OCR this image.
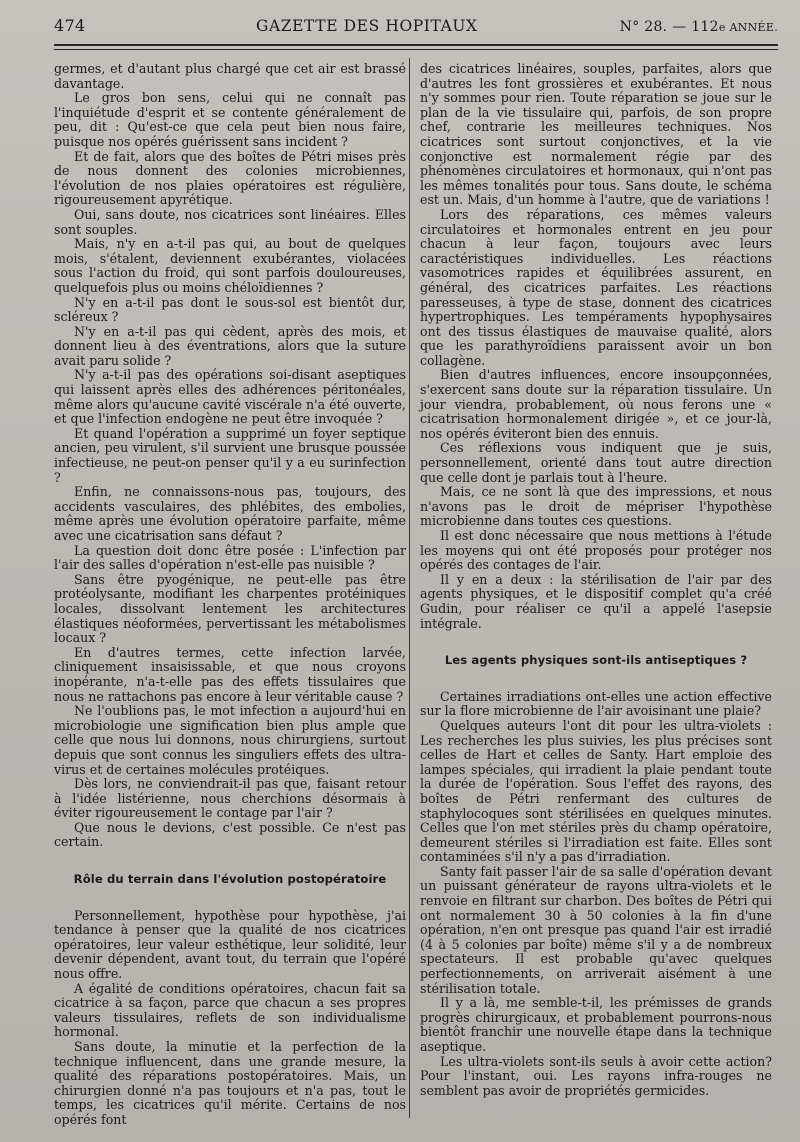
474	GAZETTE DES HOPITAUX	N° 28. — 112e ANNÉE.

germes, et d'autant plus chargé que cet air est brassé davantage.

Le gros bon sens, celui qui ne connaît pas l'inquiétude d'esprit et se contente généralement de peu, dit : Qu'est-ce que cela peut bien nous faire, puisque nos opérés guérissent sans incident ?

Et de fait, alors que des boîtes de Pétri mises près de nous donnent des colonies microbiennes, l'évolution de nos plaies opératoires est régulière, rigoureusement apyrétique.

Oui, sans doute, nos cicatrices sont linéaires. Elles sont souples.

Mais, n'y en a-t-il pas qui, au bout de quelques mois, s'étalent, deviennent exubérantes, violacées sous l'action du froid, qui sont parfois douloureuses, quelquefois plus ou moins chéloïdiennes ?

N'y en a-t-il pas dont le sous-sol est bientôt dur, scléreux ?

N'y en a-t-il pas qui cèdent, après des mois, et donnent lieu à des éventrations, alors que la suture avait paru solide ?

N'y a-t-il pas des opérations soi-disant aseptiques qui laissent après elles des adhérences péritonéales, même alors qu'aucune cavité viscérale n'a été ouverte, et que l'infection endogène ne peut être invoquée ?

Et quand l'opération a supprimé un foyer septique ancien, peu virulent, s'il survient une brusque poussée infectieuse, ne peut-on penser qu'il y a eu surinfection ?

Enfin, ne connaissons-nous pas, toujours, des accidents vasculaires, des phlébites, des embolies, même après une évolution opératoire parfaite, même avec une cicatrisation sans défaut ?

La question doit donc être posée : L'infection par l'air des salles d'opération n'est-elle pas nuisible ?

Sans être pyogénique, ne peut-elle pas être protéolysante, modifiant les charpentes protéiniques locales, dissolvant lentement les architectures élastiques néoformées, pervertissant les métabolismes locaux ?

En d'autres termes, cette infection larvée, cliniquement insaisissable, et que nous croyons inopérante, n'a-t-elle pas des effets tissulaires que nous ne rattachons pas encore à leur véritable cause ?

Ne l'oublions pas, le mot infection a aujourd'hui en microbiologie une signification bien plus ample que celle que nous lui donnons, nous chirurgiens, surtout depuis que sont connus les singuliers effets des ultra-virus et de certaines molécules protéiques.

Dès lors, ne conviendrait-il pas que, faisant retour à l'idée listérienne, nous cherchions désormais à éviter rigoureusement le contage par l'air ?

Que nous le devions, c'est possible. Ce n'est pas certain.

Rôle du terrain dans l'évolution postopératoire

Personnellement, hypothèse pour hypothèse, j'ai tendance à penser que la qualité de nos cicatrices opératoires, leur valeur esthétique, leur solidité, leur devenir dépendent, avant tout, du terrain que l'opéré nous offre.

A égalité de conditions opératoires, chacun fait sa cicatrice à sa façon, parce que chacun a ses propres valeurs tissulaires, reflets de son individualisme hormonal.

Sans doute, la minutie et la perfection de la technique influencent, dans une grande mesure, la qualité des réparations postopératoires. Mais, un chirurgien donné n'a pas toujours et n'a pas, tout le temps, les cicatrices qu'il mérite. Certains de nos opérés font

des cicatrices linéaires, souples, parfaites, alors que d'autres les font grossières et exubérantes. Et nous n'y sommes pour rien. Toute réparation se joue sur le plan de la vie tissulaire qui, parfois, de son propre chef, contrarie les meilleures techniques. Nos cicatrices sont surtout conjonctives, et la vie conjonctive est normalement régie par des phénomènes circulatoires et hormonaux, qui n'ont pas les mêmes tonalités pour tous. Sans doute, le schéma est un. Mais, d'un homme à l'autre, que de variations !

Lors des réparations, ces mêmes valeurs circulatoires et hormonales entrent en jeu pour chacun à leur façon, toujours avec leurs caractéristiques individuelles. Les réactions vasomotrices rapides et équilibrées assurent, en général, des cicatrices parfaites. Les réactions paresseuses, à type de stase, donnent des cicatrices hypertrophiques. Les tempéraments hypophysaires ont des tissus élastiques de mauvaise qualité, alors que les parathyroïdiens paraissent avoir un bon collagène.

Bien d'autres influences, encore insoupçonnées, s'exercent sans doute sur la réparation tissulaire. Un jour viendra, probablement, où nous ferons une « cicatrisation hormonalement dirigée », et ce jour-là, nos opérés éviteront bien des ennuis.

Ces réflexions vous indiquent que je suis, personnellement, orienté dans tout autre direction que celle dont je parlais tout à l'heure.

Mais, ce ne sont là que des impressions, et nous n'avons pas le droit de mépriser l'hypothèse microbienne dans toutes ces questions.

Il est donc nécessaire que nous mettions à l'étude les moyens qui ont été proposés pour protéger nos opérés des contages de l'air.

Il y en a deux : la stérilisation de l'air par des agents physiques, et le dispositif complet qu'a créé Gudin, pour réaliser ce qu'il a appelé l'asepsie intégrale.

Les agents physiques sont-ils antiseptiques ?

Certaines irradiations ont-elles une action effective sur la flore microbienne de l'air avoisinant une plaie?

Quelques auteurs l'ont dit pour les ultra-violets : Les recherches les plus suivies, les plus précises sont celles de Hart et celles de Santy. Hart emploie des lampes spéciales, qui irradient la plaie pendant toute la durée de l'opération. Sous l'effet des rayons, des boîtes de Pétri renfermant des cultures de staphylocoques sont stérilisées en quelques minutes. Celles que l'on met stériles près du champ opératoire, demeurent stériles si l'irradiation est faite. Elles sont contaminées s'il n'y a pas d'irradiation.

Santy fait passer l'air de sa salle d'opération devant un puissant générateur de rayons ultra-violets et le renvoie en filtrant sur charbon. Des boîtes de Pétri qui ont normalement 30 à 50 colonies à la fin d'une opération, n'en ont presque pas quand l'air est irradié (4 à 5 colonies par boîte) même s'il y a de nombreux spectateurs. Il est probable qu'avec quelques perfectionnements, on arriverait aisément à une stérilisation totale.

Il y a là, me semble-t-il, les prémisses de grands progrès chirurgicaux, et probablement pourrons-nous bientôt franchir une nouvelle étape dans la technique aseptique.

Les ultra-violets sont-ils seuls à avoir cette action? Pour l'instant, oui. Les rayons infra-rouges ne semblent pas avoir de propriétés germicides.
